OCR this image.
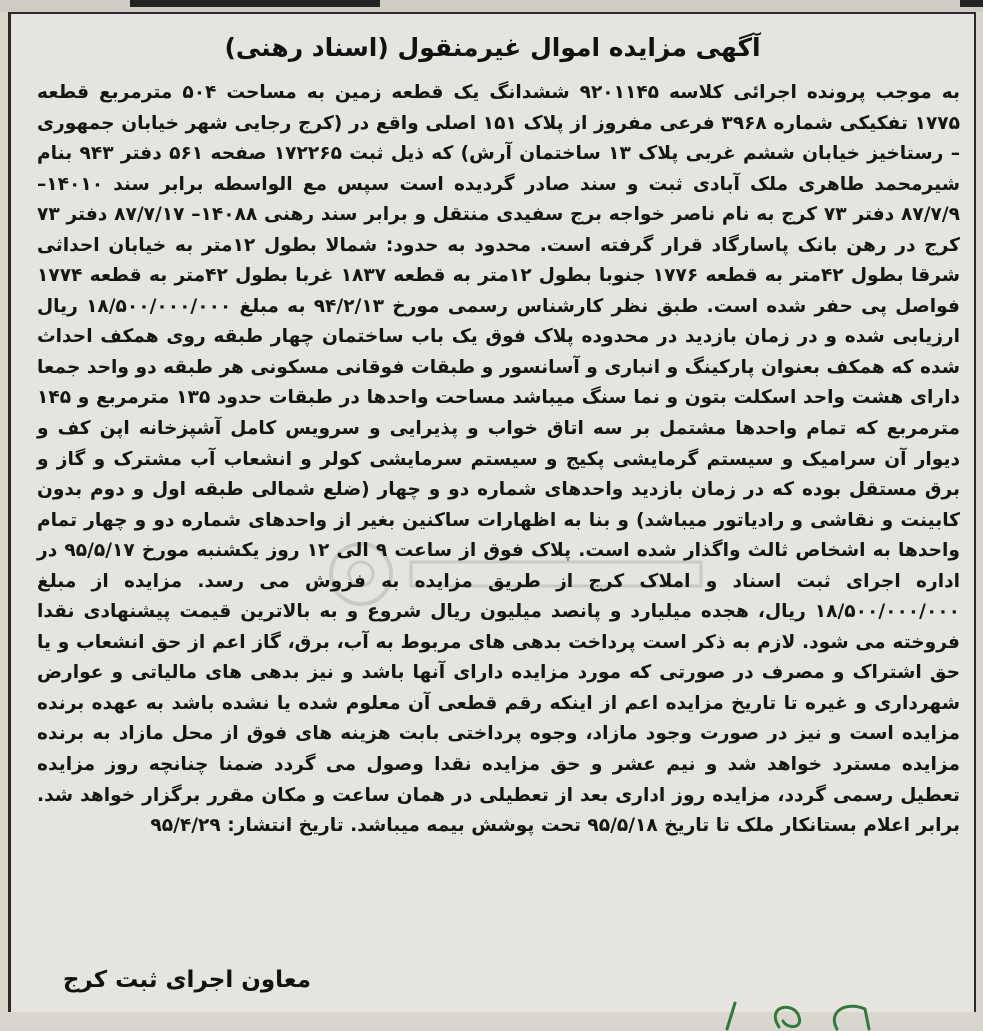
آگهی مزایده اموال غیرمنقول (اسناد رهنی)

به موجب پرونده اجرائی کلاسه ۹۲۰۱۱۴۵ ششدانگ یک قطعه زمین به مساحت ۵۰۴ مترمربع قطعه ۱۷۷۵ تفکیکی شماره ۳۹۶۸ فرعی مفروز از پلاک ۱۵۱ اصلی واقع در (کرج رجایی شهر خیابان جمهوری – رستاخیز خیابان ششم غربی پلاک ۱۳ ساختمان آرش) که ذیل ثبت ۱۷۲۲۶۵ صفحه ۵۶۱ دفتر ۹۴۳ بنام شیرمحمد طاهری ملک آبادی ثبت و سند صادر گردیده است سپس مع الواسطه برابر سند ۱۴۰۱۰– ۸۷/۷/۹ دفتر ۷۳ کرج به نام ناصر خواجه برج سفیدی منتقل و برابر سند رهنی ۱۴۰۸۸– ۸۷/۷/۱۷ دفتر ۷۳ کرج در رهن بانک پاسارگاد قرار گرفته است. محدود به حدود: شمالا بطول ۱۲متر به خیابان احداثی شرقا بطول ۴۲متر به قطعه ۱۷۷۶ جنوبا بطول ۱۲متر به قطعه ۱۸۳۷ غربا بطول ۴۲متر به قطعه ۱۷۷۴ فواصل پی حفر شده است. طبق نظر کارشناس رسمی مورخ ۹۴/۲/۱۳ به مبلغ ۱۸/۵۰۰/۰۰۰/۰۰۰ ریال ارزیابی شده و در زمان بازدید در محدوده پلاک فوق یک باب ساختمان چهار طبقه روی همکف احداث شده که همکف بعنوان پارکینگ و انباری و آسانسور و طبقات فوقانی مسکونی هر طبقه دو واحد جمعا دارای هشت واحد اسکلت بتون و نما سنگ میباشد مساحت واحدها در طبقات حدود ۱۳۵ مترمربع و ۱۴۵ مترمربع که تمام واحدها مشتمل بر سه اتاق خواب و پذیرایی و سرویس کامل آشپزخانه اپن کف و دیوار آن سرامیک و سیستم گرمایشی پکیج و سیستم سرمایشی کولر و انشعاب آب مشترک و گاز و برق مستقل بوده که در زمان بازدید واحدهای شماره دو و چهار (ضلع شمالی طبقه اول و دوم بدون کابینت و نقاشی و رادیاتور میباشد) و بنا به اظهارات ساکنین بغیر از واحدهای شماره دو و چهار تمام واحدها به اشخاص ثالث واگذار شده است. پلاک فوق از ساعت ۹ الی ۱۲ روز یکشنبه مورخ ۹۵/۵/۱۷ در اداره اجرای ثبت اسناد و املاک کرج از طریق مزایده به فروش می رسد. مزایده از مبلغ ۱۸/۵۰۰/۰۰۰/۰۰۰ ریال، هجده میلیارد و پانصد میلیون ریال شروع و به بالاترین قیمت پیشنهادی نقدا فروخته می شود. لازم به ذکر است پرداخت بدهی های مربوط به آب، برق، گاز اعم از حق انشعاب و یا حق اشتراک و مصرف در صورتی که مورد مزایده دارای آنها باشد و نیز بدهی های مالیاتی و عوارض شهرداری و غیره تا تاریخ مزایده اعم از اینکه رقم قطعی آن معلوم شده یا نشده باشد به عهده برنده مزایده است و نیز در صورت وجود مازاد، وجوه پرداختی بابت هزینه های فوق از محل مازاد به برنده مزایده مسترد خواهد شد و نیم عشر و حق مزایده نقدا وصول می گردد ضمنا چنانچه روز مزایده تعطیل رسمی گردد، مزایده روز اداری بعد از تعطیلی در همان ساعت و مکان مقرر برگزار خواهد شد. برابر اعلام بستانکار ملک تا تاریخ ۹۵/۵/۱۸ تحت پوشش بیمه میباشد. تاریخ انتشار: ۹۵/۴/۲۹

معاون اجرای ثبت کرج
